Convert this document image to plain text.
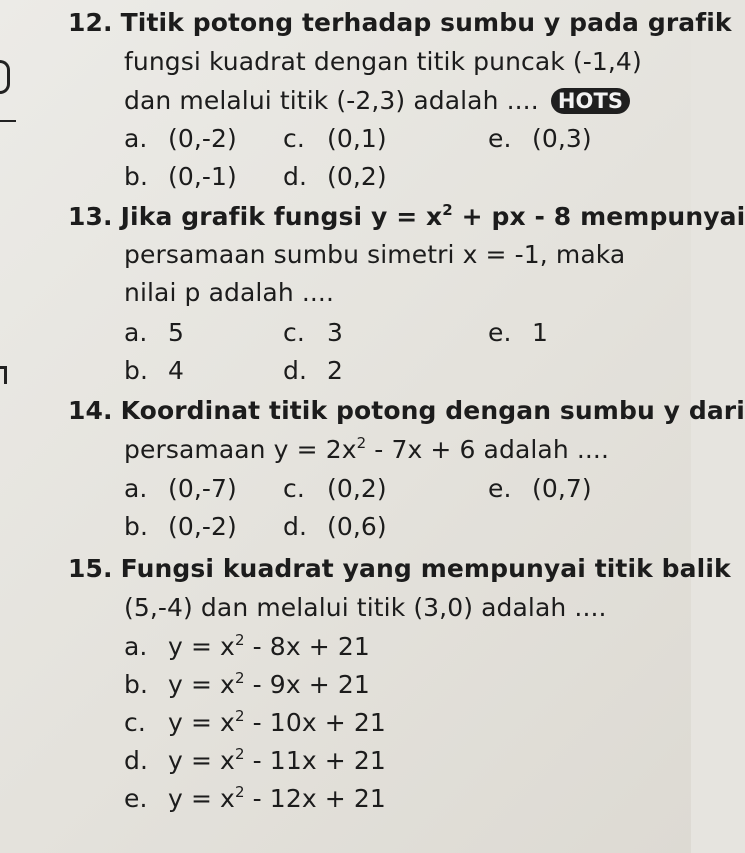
12. Titik potong terhadap sumbu y pada grafik
fungsi kuadrat dengan titik puncak (-1,4)
dan melalui titik (-2,3) adalah .... HOTS
a. (0,-2) c. (0,1)	e. (0,3)
b. (0,-1) d. (0,2)
13. Jika grafik fungsi $y = x^2$ + px - 8 mempunyai
persamaan sumbu simetri x = -1, maka
nilai p adalah ....
a. 5	c. 3	e. 1
b. 4	d. 2
14. Koordinat titik potong dengan sumbu y dari
persamaan $y = 2x^2 - 7x + 6$ adalah ....
a. (0,-7) c. (0,2)	e. (0,7)
b. (0,-2) d. (0,6)
15. Fungsi kuadrat yang mempunyai titik balik
(5,-4) dan melalui titik (3,0) adalah ....
a. $y = x^2 - 8x + 21$
b. $y = x^2 - 9x + 21$
c. $y = x^2 - 10x + 21$
d. $y = x^2 - 11x + 21$
e. $y = x^2 - 12x + 21$
